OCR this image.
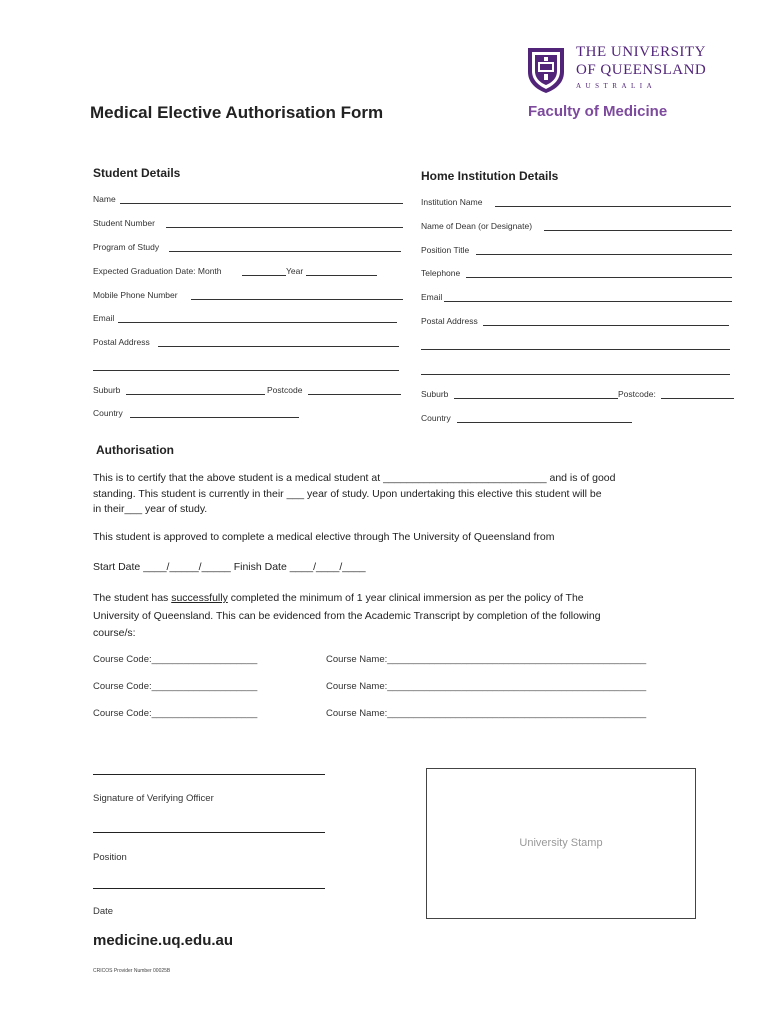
THE UNIVERSITY
OF QUEENSLAND
AUSTRALIA
Medical Elective Authorisation Form	Faculty of Medicine
Student Details
Name
Student Number
Program of Study
Expected Graduation Date: Month	Year
Mobile Phone Number
Email
Postal Address
Suburb	Postcode
Country
Home Institution Details
Institution Name
Name of Dean (or Designate)
Position Title
Telephone
Email
Postal Address
Suburb	Postcode:
Country
Authorisation
This is to certify that the above student is a medical student at ____________________________ and is of good
standing. This student is currently in their ___ year of study. Upon undertaking this elective this student will be
in their___ year of study.
This student is approved to complete a medical elective through The University of Queensland from
Start Date ____/_____/_____ Finish Date ____/____/____
The student has successfully completed the minimum of 1 year clinical immersion as per the policy of The
University of Queensland. This can be evidenced from the Academic Transcript by completion of the following
course/s:
Course Code:____________________	Course Name:_________________________________________________
Course Code:____________________	Course Name:_________________________________________________
Course Code:____________________	Course Name:_________________________________________________
Signature of Verifying Officer
Position
Date
University Stamp
medicine.uq.edu.au
CRICOS Provider Number 00025B
